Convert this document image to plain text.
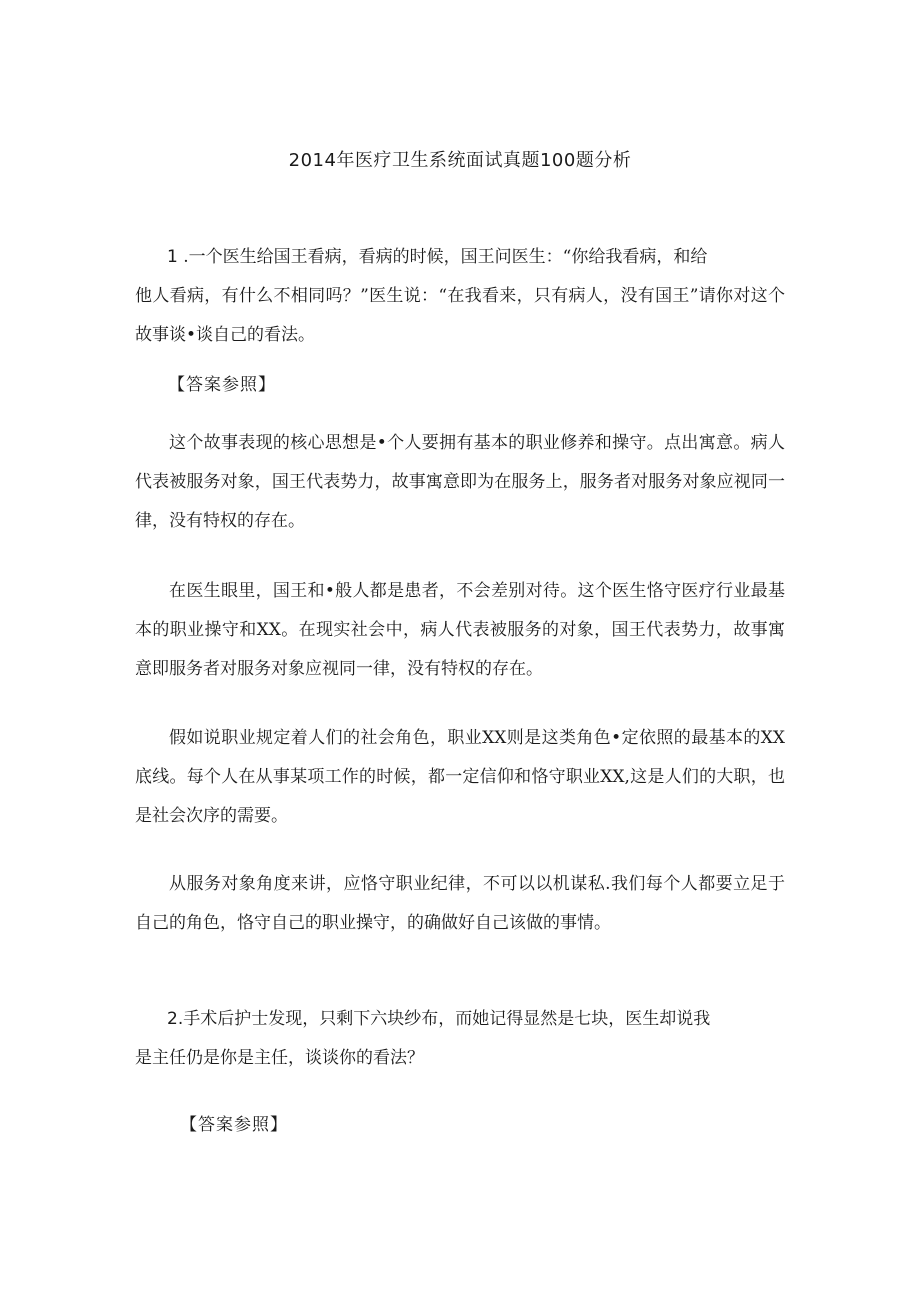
2014年医疗卫生系统面试真题100题分析

1 .一个医生给国王看病，看病的时候，国王问医生：“你给我看病，和给

他人看病，有什么不相同吗？”医生说：“在我看来，只有病人，没有国王”请你对这个故事谈•谈自己的看法。

【答案参照】

这个故事表现的核心思想是•个人要拥有基本的职业修养和操守。点出寓意。病人代表被服务对象，国王代表势力，故事寓意即为在服务上，服务者对服务对象应视同一律，没有特权的存在。

在医生眼里，国王和•般人都是患者，不会差别对待。这个医生恪守医疗行业最基本的职业操守和XX。在现实社会中，病人代表被服务的对象，国王代表势力，故事寓意即服务者对服务对象应视同一律，没有特权的存在。

假如说职业规定着人们的社会角色，职业XX则是这类角色•定依照的最基本的XX底线。每个人在从事某项工作的时候，都一定信仰和恪守职业XX,这是人们的大职，也是社会次序的需要。

从服务对象角度来讲，应恪守职业纪律，不可以以机谋私.我们每个人都要立足于自己的角色，恪守自己的职业操守，的确做好自己该做的事情。

2.手术后护士发现，只剩下六块纱布，而她记得显然是七块，医生却说我

是主任仍是你是主任，谈谈你的看法？

【答案参照】
